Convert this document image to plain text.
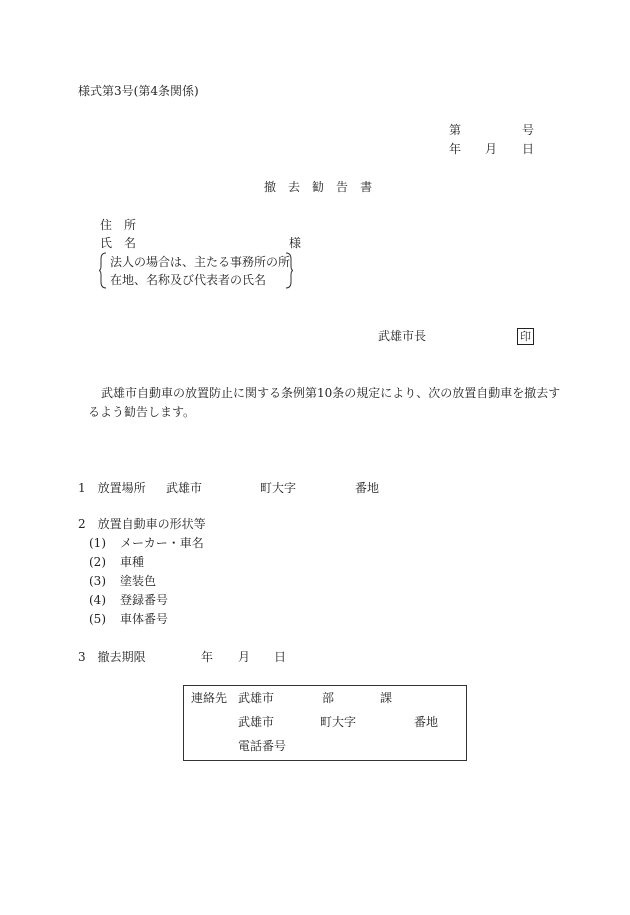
様式第3号(第4条関係)
第	号
年 月 日
撤 去 勧 告 書
住　所
氏　名	様
法人の場合は、主たる事務所の所
在地、名称及び代表者の氏名
武雄市長	印
武雄市自動車の放置防止に関する条例第10条の規定により、次の放置自動車を撤去す
るよう勧告します。
1　放置場所 武雄市	町大字	番地
2　放置自動車の形状等
(1) メーカー・車名
(2) 車種
(3) 塗装色
(4) 登録番号
(5) 車体番号
3　撤去期限	年 月 日
連絡先 武雄市	部	課
武雄市	町大字	番地
電話番号
